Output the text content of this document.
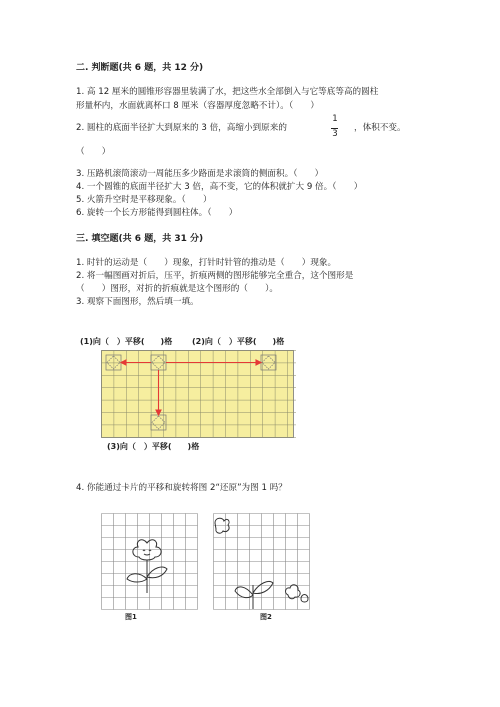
二. 判断题(共 6 题，共 12 分)
1. 高 12 厘米的圆锥形容器里装满了水，把这些水全部倒入与它等底等高的圆柱
形量杯内，水面就离杯口 8 厘米（容器厚度忽略不计）。（　　）
2. 圆柱的底面半径扩大到原来的 3 倍，高缩小到原来的
1
3
，体积不变。
（　　）
3. 压路机滚筒滚动一周能压多少路面是求滚筒的侧面积。（　　）
4. 一个圆锥的底面半径扩大 3 倍，高不变，它的体积就扩大 9 倍。（　　）
5. 火箭升空时是平移现象。（　　）
6. 旋转一个长方形能得到圆柱体。（　　）
三. 填空题(共 6 题，共 31 分)
1. 时针的运动是（　　）现象，打针时针管的推动是（　　）现象。
2. 将一幅图画对折后，压平，折痕两侧的图形能够完全重合，这个图形是
（　　）图形，对折的折痕就是这个图形的（　　）。
3. 观察下面图形，然后填一填。
(1)向（　）平移(　　)格 (2)向（　）平移(　　)格
(3)向（　）平移(　　)格
4. 你能通过卡片的平移和旋转将图 2“还原”为图 1 吗？
图1	图2
